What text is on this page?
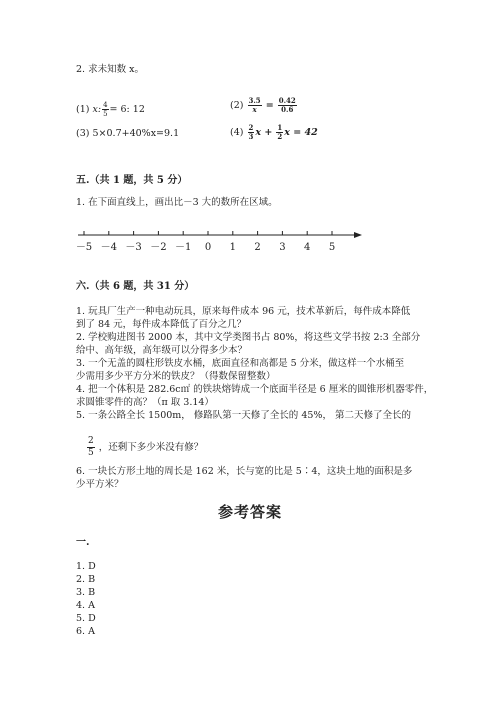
2. 求未知数 x。
(1) x: $\frac{4}{5} = 6$: 12	$(2) \frac{3.5}{x} = \frac{0.42}{0.6}$
(3) 5×0.7+40%x=9.1	$(4) \frac{2}{3}$ $x + \frac{1}{2}$ x = 42
五.（共 1 题，共 5 分）
1. 在下面直线上，画出比－3 大的数所在区域。
－5 －4 －3 －2 －1 0 1 2 3 4 5
六.（共 6 题，共 31 分）
1. 玩具厂生产一种电动玩具，原来每件成本 96 元，技术革新后，每件成本降低
到了 84 元，每件成本降低了百分之几？
2. 学校购进图书 2000 本，其中文学类图书占 80%，将这些文学书按 2:3 全部分
给中、高年级，高年级可以分得多少本？
3. 一个无盖的圆柱形铁皮水桶，底面直径和高都是 5 分米，做这样一个水桶至
少需用多少平方分米的铁皮？（得数保留整数）
4. 把一个体积是 282.6c㎡ 的铁块熔铸成一个底面半径是 6 厘米的圆锥形机器零件，
求圆锥零件的高？（π 取 3.14）
5. 一条公路全长 1500m， 修路队第一天修了全长的 45%， 第二天修了全长的
$\frac{2}{5}$ ，还剩下多少米没有修？
6. 一块长方形土地的周长是 162 米，长与宽的比是 5∶4，这块土地的面积是多
少平方米？
参考答案
一.
1. D
2. B
3. B
4. A
5. D
6. A
